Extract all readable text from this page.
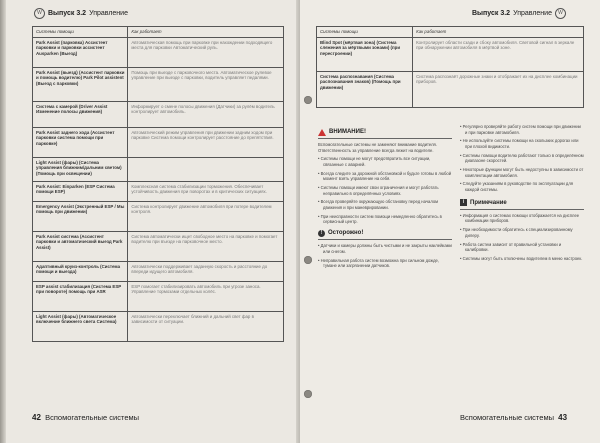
W Выпуск 3.2 Управление
Системы помощи	Как работает
Park Assist (парковка) Ассистент парковки и парковки ассистент Ausparken (Выезд)	Автоматическая помощь при парковке при нахождении подходящего места для парковки Автоматический руль.
Park Assist (выезд) (Ассистент парковки и помощь водителю) Park Pilot assistent (Выезд с парковки)	Помощь при выезде с парковочного места. Автоматическое рулевое управление при выезде с парковки, водитель управляет педалями.
Система с камерой (Driver Assist Изменение полосы движения)	Информирует о смене полосы движения (Датчики) за рулём водитель контролирует автомобиль.
Park Assist заднего хода (Ассистент парковки система помощи при парковке)	Автоматический режим управления при движении задним ходом при парковке Система помощи контролирует расстояние до препятствия.
Light Assist (фары) (Система управления ближним/дальним светом) (Помощь при освещении)	
Park Assist: Einparken (ESP Система помощи ESP)	Комплексная система стабилизации торможения. Обеспечивает устойчивость движения при поворотах и в критических ситуациях.
Emergency Assist (Экстренный ESP / Мы помощь при движении)	Система контролирует движение автомобиля при потере водителем контроля.
Park Assist система (Ассистент парковки и автоматический выезд Park Assist)	Система автоматически ищет свободное место на парковке и помогает водителю при въезде на парковочное место.
Адаптивный круиз-контроль (Система помощи и выезда)	Автоматически поддерживает заданную скорость и расстояние до впереди идущего автомобиля.
ESP assist стабилизация (Система ESP при повороте) помощь при ASR	ESP помогает стабилизировать автомобиль при угрозе заноса. Управление тормозами отдельных колёс.
Light Assist (фары) (Автоматическое включение ближнего света Система)	Автоматически переключает ближний и дальний свет фар в зависимости от ситуации.
42 Вспомогательные системы
Выпуск 3.2 Управление	W
Системы помощи	Как работает
Blind Spot (мёртвая зона) (Система слежения за мёртвыми зонами) (при перестроении)	Контролирует области сзади и сбоку автомобиля. Световой сигнал в зеркале при обнаружении автомобиля в мёртвой зоне.
Система распознавания (Система распознавания знаков) (Помощь при движении)	Система распознаёт дорожные знаки и отображает их на дисплее комбинации приборов.
ВНИМАНИЕ!

Вспомогательные системы не заменяют внимание водителя. Ответственность за управление всегда лежит на водителе.

• Системы помощи не могут предотвратить все ситуации, связанные с аварией.

• Всегда следите за дорожной обстановкой и будьте готовы в любой момент взять управление на себя.

• Системы помощи имеют свои ограничения и могут работать неправильно в определённых условиях.

• Всегда проверяйте окружающую обстановку перед началом движения и при маневрировании.

• При неисправности систем помощи немедленно обратитесь в сервисный центр.

! Осторожно!

• Датчики и камеры должны быть чистыми и не закрыты наклейками или снегом.

• Неправильная работа систем возможна при сильном дожде, тумане или загрязнении датчиков.

• Регулярно проверяйте работу систем помощи при движении и при парковке автомобиля.

• Не используйте системы помощи на скользких дорогах или при плохой видимости.

• Системы помощи водителю работают только в определённом диапазоне скоростей.

• Некоторые функции могут быть недоступны в зависимости от комплектации автомобиля.

• Следуйте указаниям в руководстве по эксплуатации для каждой системы.

i Примечание

• Информация о системах помощи отображается на дисплее комбинации приборов.

• При необходимости обратитесь к специализированному дилеру.

• Работа систем зависит от правильной установки и калибровки.

• Системы могут быть отключены водителем в меню настроек.

Вспомогательные системы 43
